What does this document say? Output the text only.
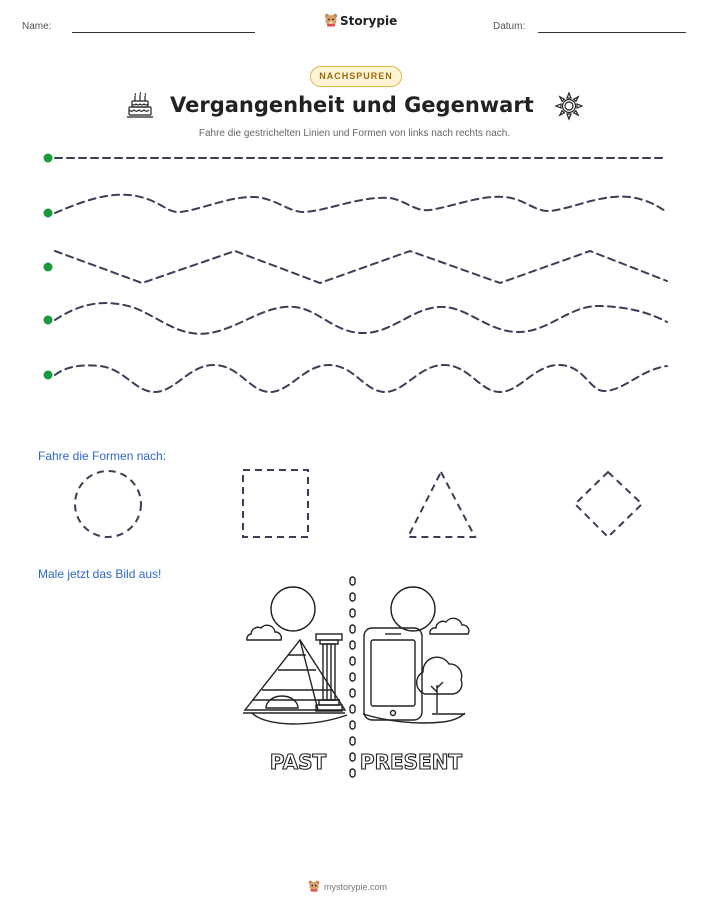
Name:	Storypie	Datum:
NACHSPUREN
Vergangenheit und Gegenwart
Fahre die gestrichelten Linien und Formen von links nach rechts nach.
Fahre die Formen nach:
Male jetzt das Bild aus!
PAST PRESENT
mystorypie.com
